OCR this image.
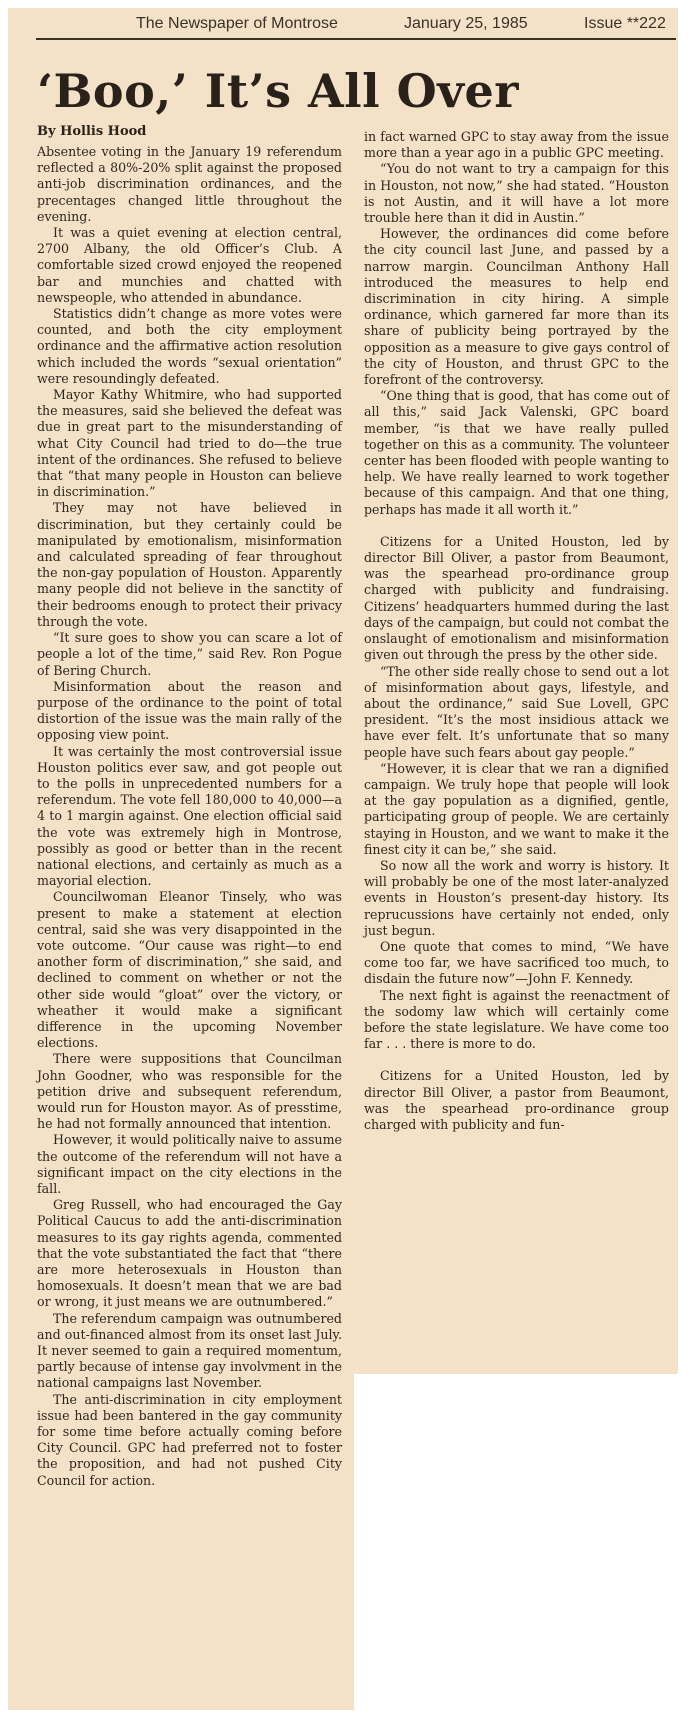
The Newspaper of Montrose	January 25, 1985	Issue **222
‘Boo,’ It’s All Over
By Hollis Hood

Absentee voting in the January 19 referendum reflected a 80%-20% split against the proposed anti-job discrimination ordinances, and the precentages changed little throughout the evening.

It was a quiet evening at election central, 2700 Albany, the old Officer’s Club. A comfortable sized crowd enjoyed the reopened bar and munchies and chatted with newspeople, who attended in abundance.

Statistics didn’t change as more votes were counted, and both the city employment ordinance and the affirmative action resolution which included the words “sexual orientation” were resoundingly defeated.

Mayor Kathy Whitmire, who had supported the measures, said she believed the defeat was due in great part to the misunderstanding of what City Council had tried to do—the true intent of the ordinances. She refused to believe that “that many people in Houston can believe in discrimination.”

They may not have believed in discrimination, but they certainly could be manipulated by emotionalism, misinformation and calculated spreading of fear throughout the non-gay population of Houston. Apparently many people did not believe in the sanctity of their bedrooms enough to protect their privacy through the vote.

“It sure goes to show you can scare a lot of people a lot of the time,” said Rev. Ron Pogue of Bering Church.

Misinformation about the reason and purpose of the ordinance to the point of total distortion of the issue was the main rally of the opposing view point.

It was certainly the most controversial issue Houston politics ever saw, and got people out to the polls in unprecedented numbers for a referendum. The vote fell 180,000 to 40,000—a 4 to 1 margin against. One election official said the vote was extremely high in Montrose, possibly as good or better than in the recent national elections, and certainly as much as a mayorial election.

Councilwoman Eleanor Tinsely, who was present to make a statement at election central, said she was very disappointed in the vote outcome. “Our cause was right—to end another form of discrimination,” she said, and declined to comment on whether or not the other side would “gloat” over the victory, or wheather it would make a significant difference in the upcoming November elections.

There were suppositions that Councilman John Goodner, who was responsible for the petition drive and subsequent referendum, would run for Houston mayor. As of presstime, he had not formally announced that intention.

However, it would politically naive to assume the outcome of the referendum will not have a significant impact on the city elections in the fall.

Greg Russell, who had encouraged the Gay Political Caucus to add the anti-discrimination measures to its gay rights agenda, commented that the vote substantiated the fact that “there are more heterosexuals in Houston than homosexuals. It doesn’t mean that we are bad or wrong, it just means we are outnumbered.”

The referendum campaign was outnumbered and out-financed almost from its onset last July. It never seemed to gain a required momentum, partly because of intense gay involvment in the national campaigns last November.

The anti-discrimination in city employment issue had been bantered in the gay community for some time before actually coming before City Council. GPC had preferred not to foster the proposition, and had not pushed City Council for action.

in fact warned GPC to stay away from the issue more than a year ago in a public GPC meeting.

“You do not want to try a campaign for this in Houston, not now,” she had stated. “Houston is not Austin, and it will have a lot more trouble here than it did in Austin.”

However, the ordinances did come before the city council last June, and passed by a narrow margin. Councilman Anthony Hall introduced the measures to help end discrimination in city hiring. A simple ordinance, which garnered far more than its share of publicity being portrayed by the opposition as a measure to give gays control of the city of Houston, and thrust GPC to the forefront of the controversy.

“One thing that is good, that has come out of all this,” said Jack Valenski, GPC board member, “is that we have really pulled together on this as a community. The volunteer center has been flooded with people wanting to help. We have really learned to work together because of this campaign. And that one thing, perhaps has made it all worth it.”

Citizens for a United Houston, led by director Bill Oliver, a pastor from Beaumont, was the spearhead pro-ordinance group charged with publicity and fundraising. Citizens’ headquarters hummed during the last days of the campaign, but could not combat the onslaught of emotionalism and misinformation given out through the press by the other side.

“The other side really chose to send out a lot of misinformation about gays, lifestyle, and about the ordinance,” said Sue Lovell, GPC president. “It’s the most insidious attack we have ever felt. It’s unfortunate that so many people have such fears about gay people.”

“However, it is clear that we ran a dignified campaign. We truly hope that people will look at the gay population as a dignified, gentle, participating group of people. We are certainly staying in Houston, and we want to make it the finest city it can be,” she said.

So now all the work and worry is history. It will probably be one of the most later-analyzed events in Houston’s present-day history. Its reprucussions have certainly not ended, only just begun.

One quote that comes to mind, “We have come too far, we have sacrificed too much, to disdain the future now”—John F. Kennedy.

The next fight is against the reenactment of the sodomy law which will certainly come before the state legislature. We have come too far . . . there is more to do.

Citizens for a United Houston, led by director Bill Oliver, a pastor from Beaumont, was the spearhead pro-ordinance group charged with publicity and fun-
